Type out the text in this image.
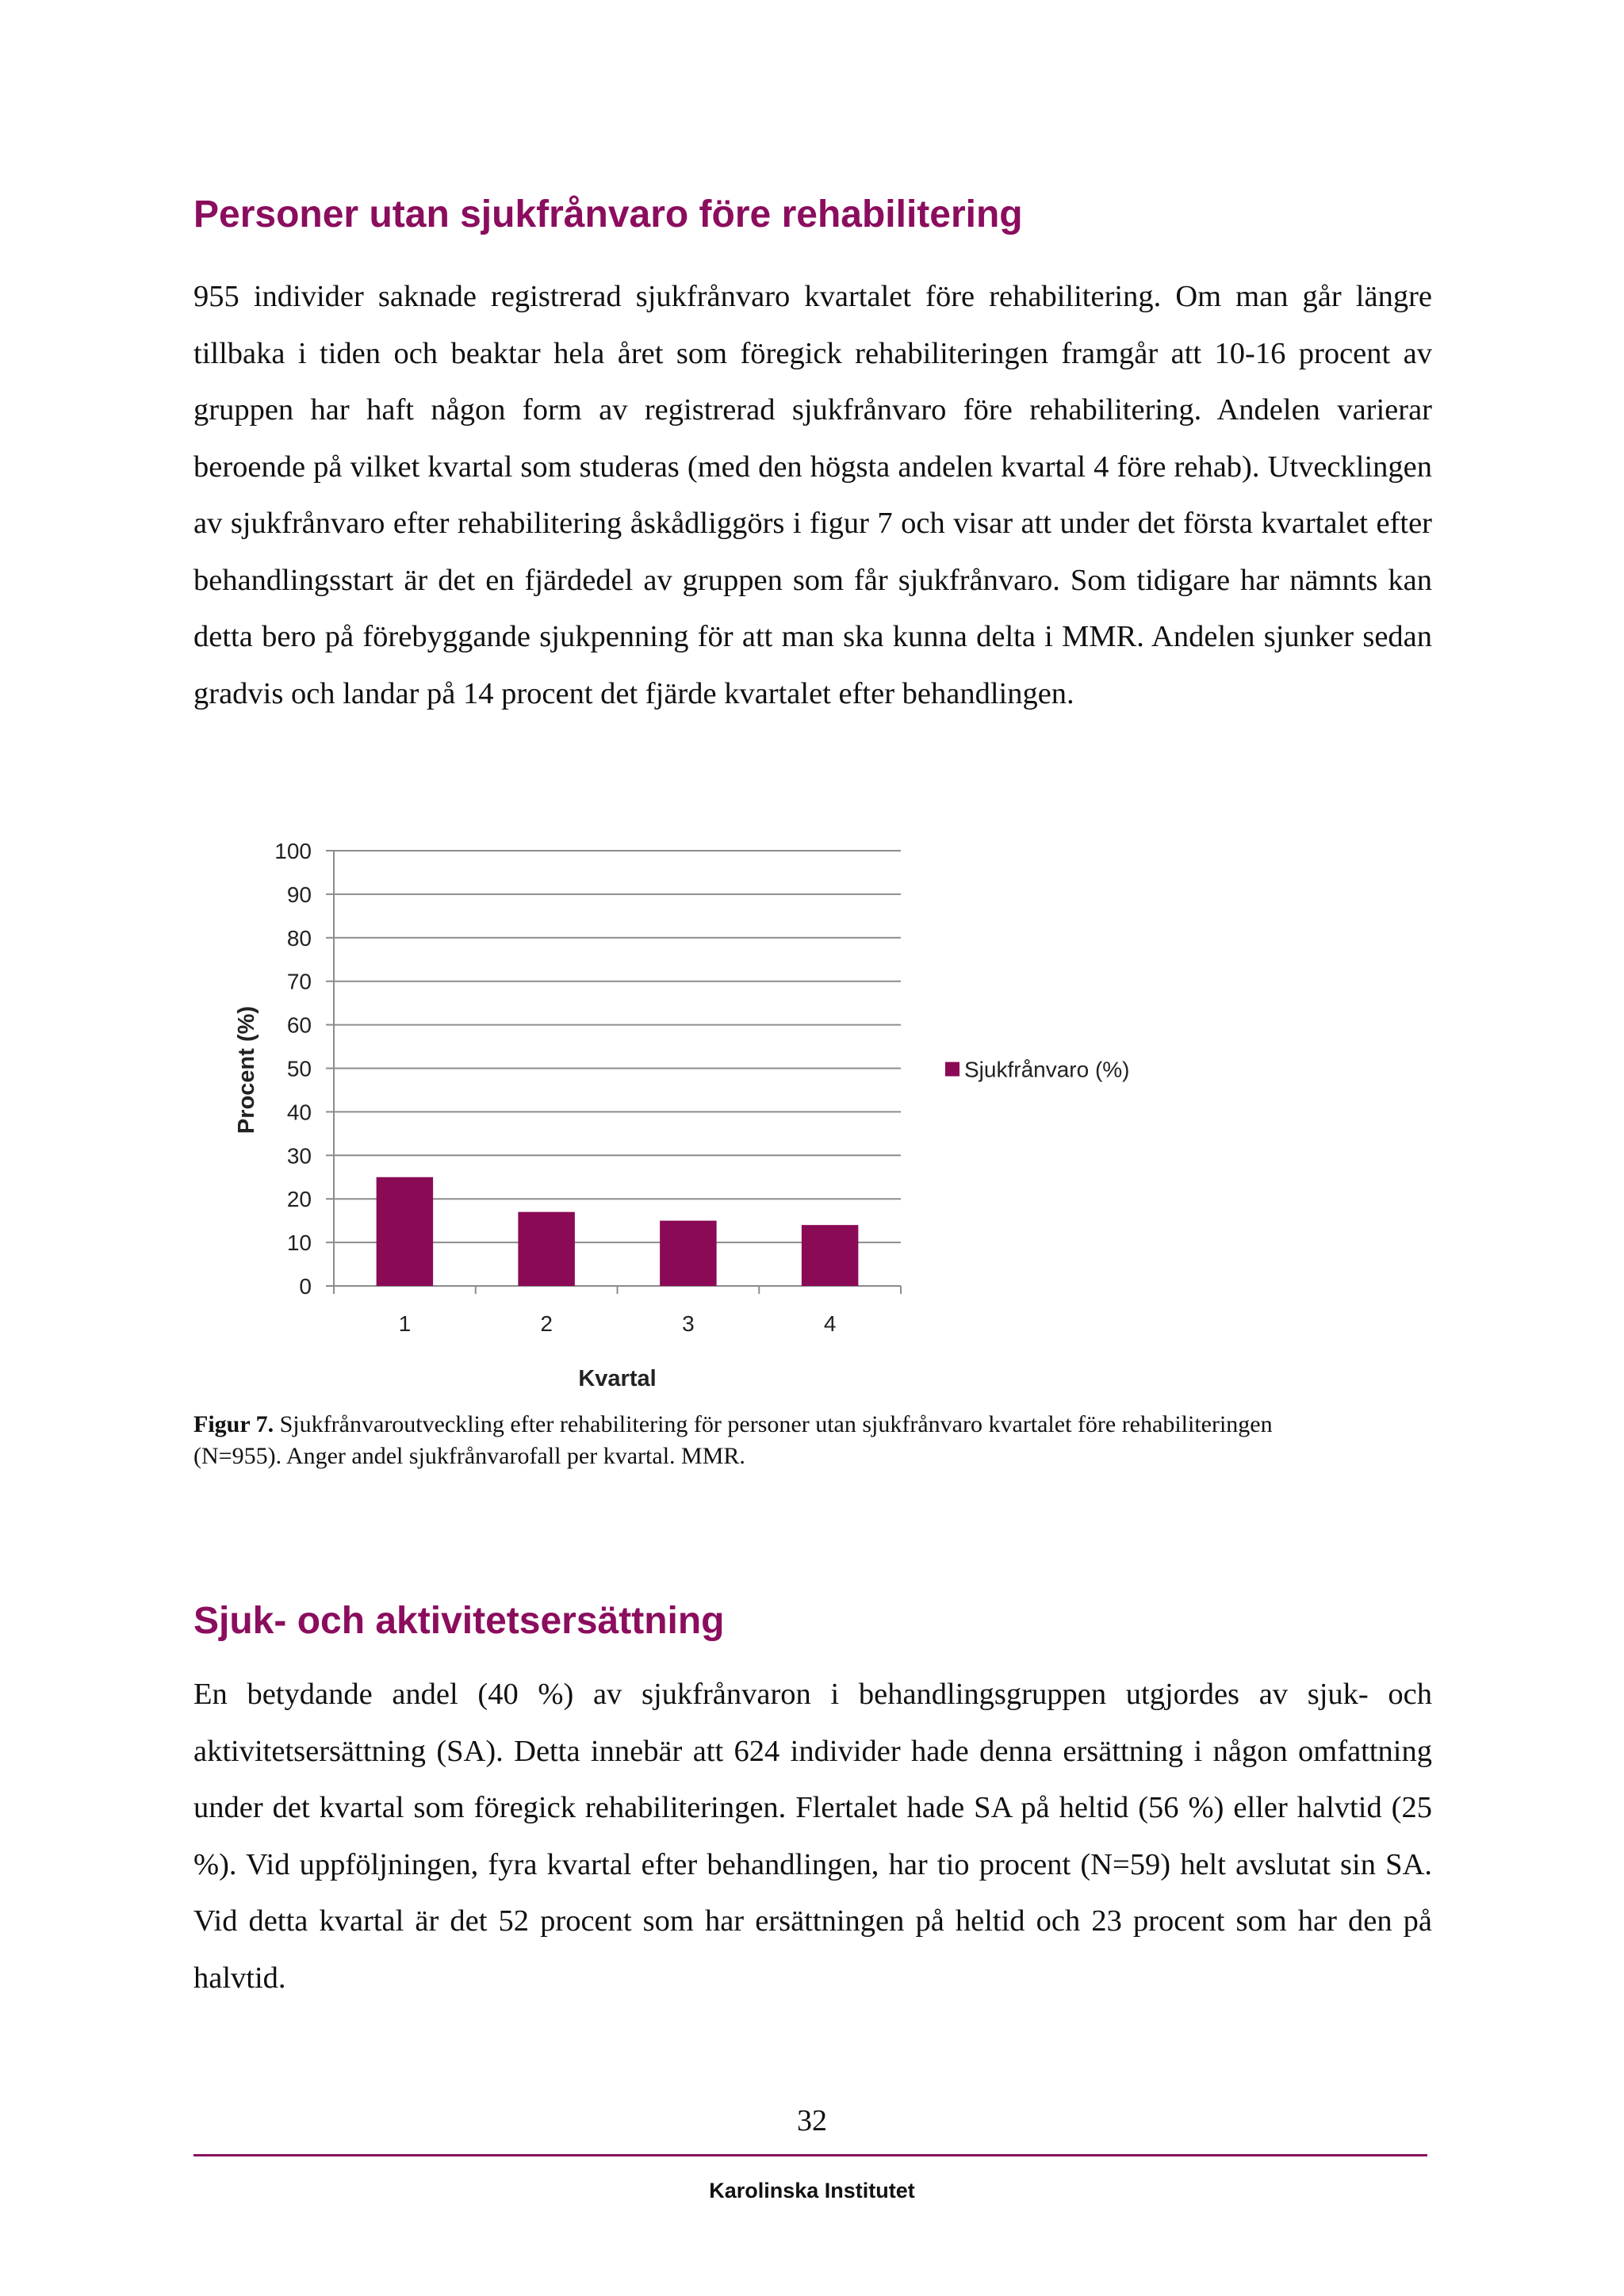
Personer utan sjukfrånvaro före rehabilitering

955 individer saknade registrerad sjukfrånvaro kvartalet före rehabilitering. Om man går längre tillbaka i tiden och beaktar hela året som föregick rehabiliteringen framgår att 10-16 procent av gruppen har haft någon form av registrerad sjukfrånvaro före rehabilitering. Andelen varierar beroende på vilket kvartal som studeras (med den högsta andelen kvartal 4 före rehab). Utvecklingen av sjukfrånvaro efter rehabilitering åskådliggörs i figur 7 och visar att under det första kvartalet efter behandlingsstart är det en fjärdedel av gruppen som får sjukfrånvaro. Som tidigare har nämnts kan detta bero på förebyggande sjukpenning för att man ska kunna delta i MMR. Andelen sjunker sedan gradvis och landar på 14 procent det fjärde kvartalet efter behandlingen.

0
10
20
30
40
50
60
70
80
90
100
1	2	3	4
Kvartal
Procent (%)	Sjukfrånvaro (%)

Figur 7. Sjukfrånvaroutveckling efter rehabilitering för personer utan sjukfrånvaro kvartalet före rehabiliteringen (N=955). Anger andel sjukfrånvarofall per kvartal. MMR.

Sjuk- och aktivitetsersättning

En betydande andel (40 %) av sjukfrånvaron i behandlingsgruppen utgjordes av sjuk- och aktivitetsersättning (SA). Detta innebär att 624 individer hade denna ersättning i någon omfattning under det kvartal som föregick rehabiliteringen. Flertalet hade SA på heltid (56 %) eller halvtid (25 %). Vid uppföljningen, fyra kvartal efter behandlingen, har tio procent (N=59) helt avslutat sin SA. Vid detta kvartal är det 52 procent som har ersättningen på heltid och 23 procent som har den på halvtid.

32
Karolinska Institutet
